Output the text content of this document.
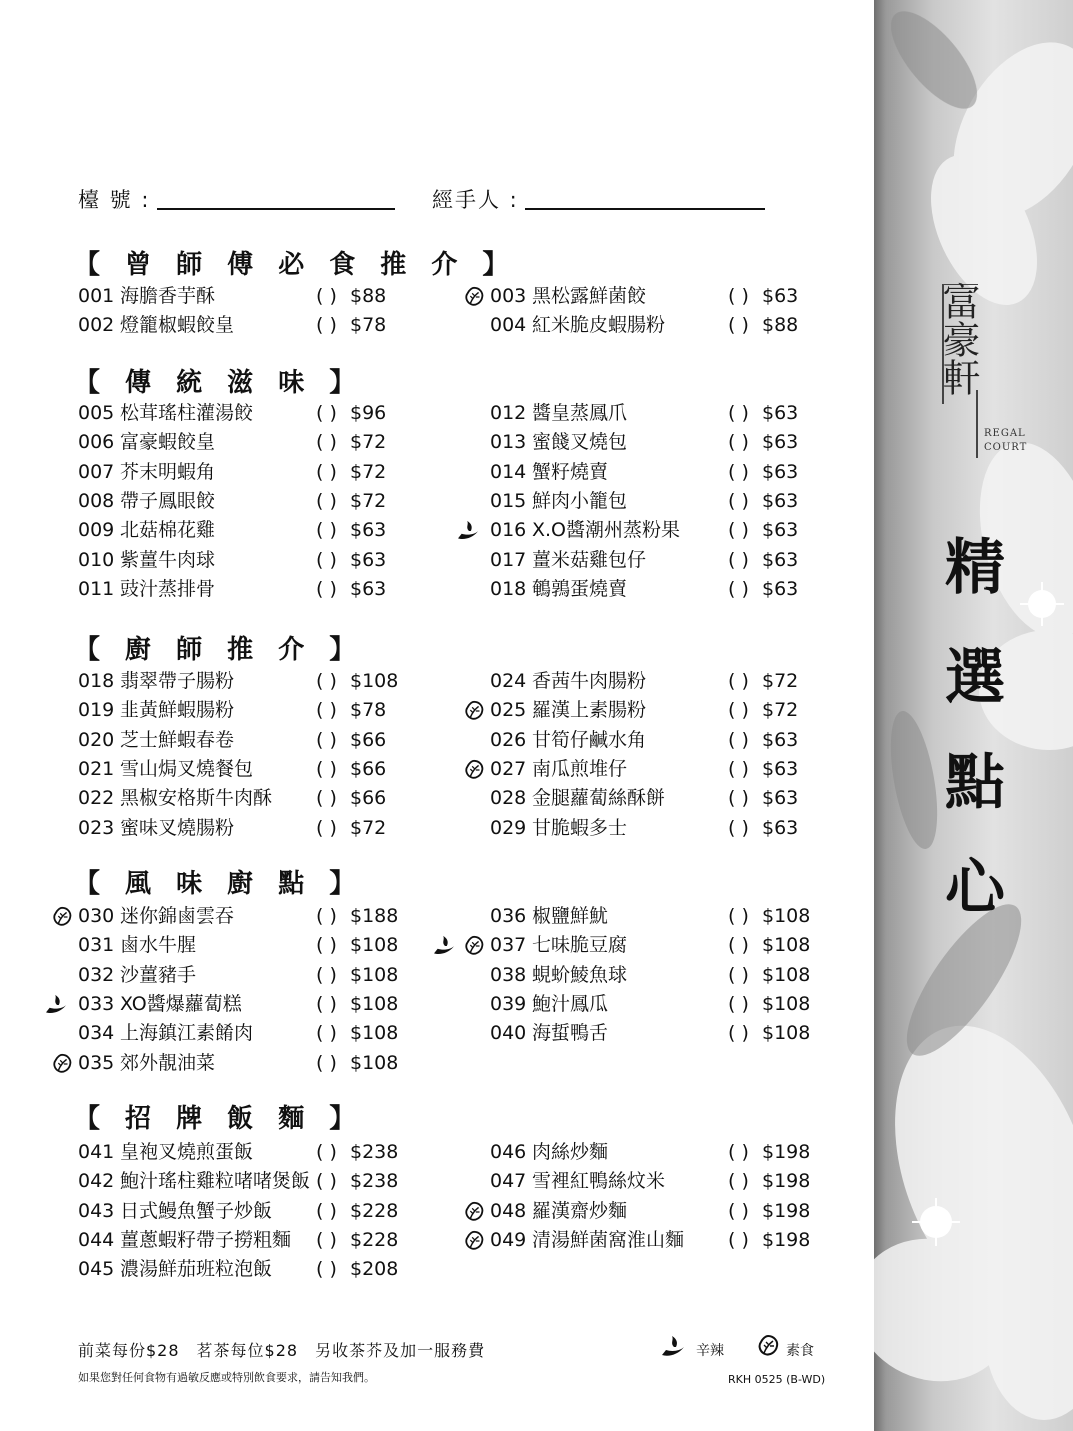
檯 號 :	經手人 :
【 曾 師 傅 必 食 推 介 】
001 海膽香芋酥	( ) $88
002 燈籠椒蝦餃皇	( ) $78
003 黑松露鮮菌餃	( ) $63
004 紅米脆皮蝦腸粉	( ) $88
【 傳 統 滋 味 】
005 松茸瑤柱灌湯餃	( ) $96
006 富豪蝦餃皇	( ) $72
007 芥末明蝦角	( ) $72
008 帶子鳳眼餃	( ) $72
009 北菇棉花雞	( ) $63
010 紫薑牛肉球	( ) $63
011 豉汁蒸排骨	( ) $63
012 醬皇蒸鳳爪	( ) $63
013 蜜餞叉燒包	( ) $63
014 蟹籽燒賣	( ) $63
015 鮮肉小籠包	( ) $63
016 X.O醬潮州蒸粉果	( ) $63
017 薑米菇雞包仔	( ) $63
018 鵪鶉蛋燒賣	( ) $63
【 廚 師 推 介 】
018 翡翠帶子腸粉	( ) $108
019 韭黃鮮蝦腸粉	( ) $78
020 芝士鮮蝦春卷	( ) $66
021 雪山焗叉燒餐包	( ) $66
022 黑椒安格斯牛肉酥 ( ) $66
023 蜜味叉燒腸粉	( ) $72
024 香茜牛肉腸粉	( ) $72
025 羅漢上素腸粉	( ) $72
026 甘筍仔鹹水角	( ) $63
027 南瓜煎堆仔	( ) $63
028 金腿蘿蔔絲酥餅	( ) $63
029 甘脆蝦多士	( ) $63
【 風 味 廚 點 】
030 迷你錦鹵雲吞	( ) $188
031 鹵水牛腥	( ) $108
032 沙薑豬手	( ) $108
033 XO醬爆蘿蔔糕	( ) $108
034 上海鎮江素餚肉	( ) $108
035 郊外靚油菜	( ) $108
036 椒鹽鮮魷	( ) $108
037 七味脆豆腐	( ) $108
038 蜆蚧鯪魚球	( ) $108
039 鮑汁鳳瓜	( ) $108
040 海蜇鴨舌	( ) $108
【 招 牌 飯 麵 】
041 皇袍叉燒煎蛋飯	( ) $238
042 鮑汁瑤柱雞粒啫啫煲飯 ( ) $238
043 日式鰻魚蟹子炒飯 ( ) $228
044 薑蔥蝦籽帶子撈粗麵 ( ) $228
045 濃湯鮮茄班粒泡飯 ( ) $208
046 肉絲炒麵	( ) $198
047 雪裡紅鴨絲炆米	( ) $198
048 羅漢齋炒麵	( ) $198
049 清湯鮮菌窩淮山麵 ( ) $198
前菜每份$28　茗茶每位$28　另收茶芥及加一服務費
如果您對任何食物有過敏反應或特別飲食要求，請告知我們。
辛辣	素食
RKH 0525 (B-WD)
富豪軒
REGAL
COURT
精
選
點
心
